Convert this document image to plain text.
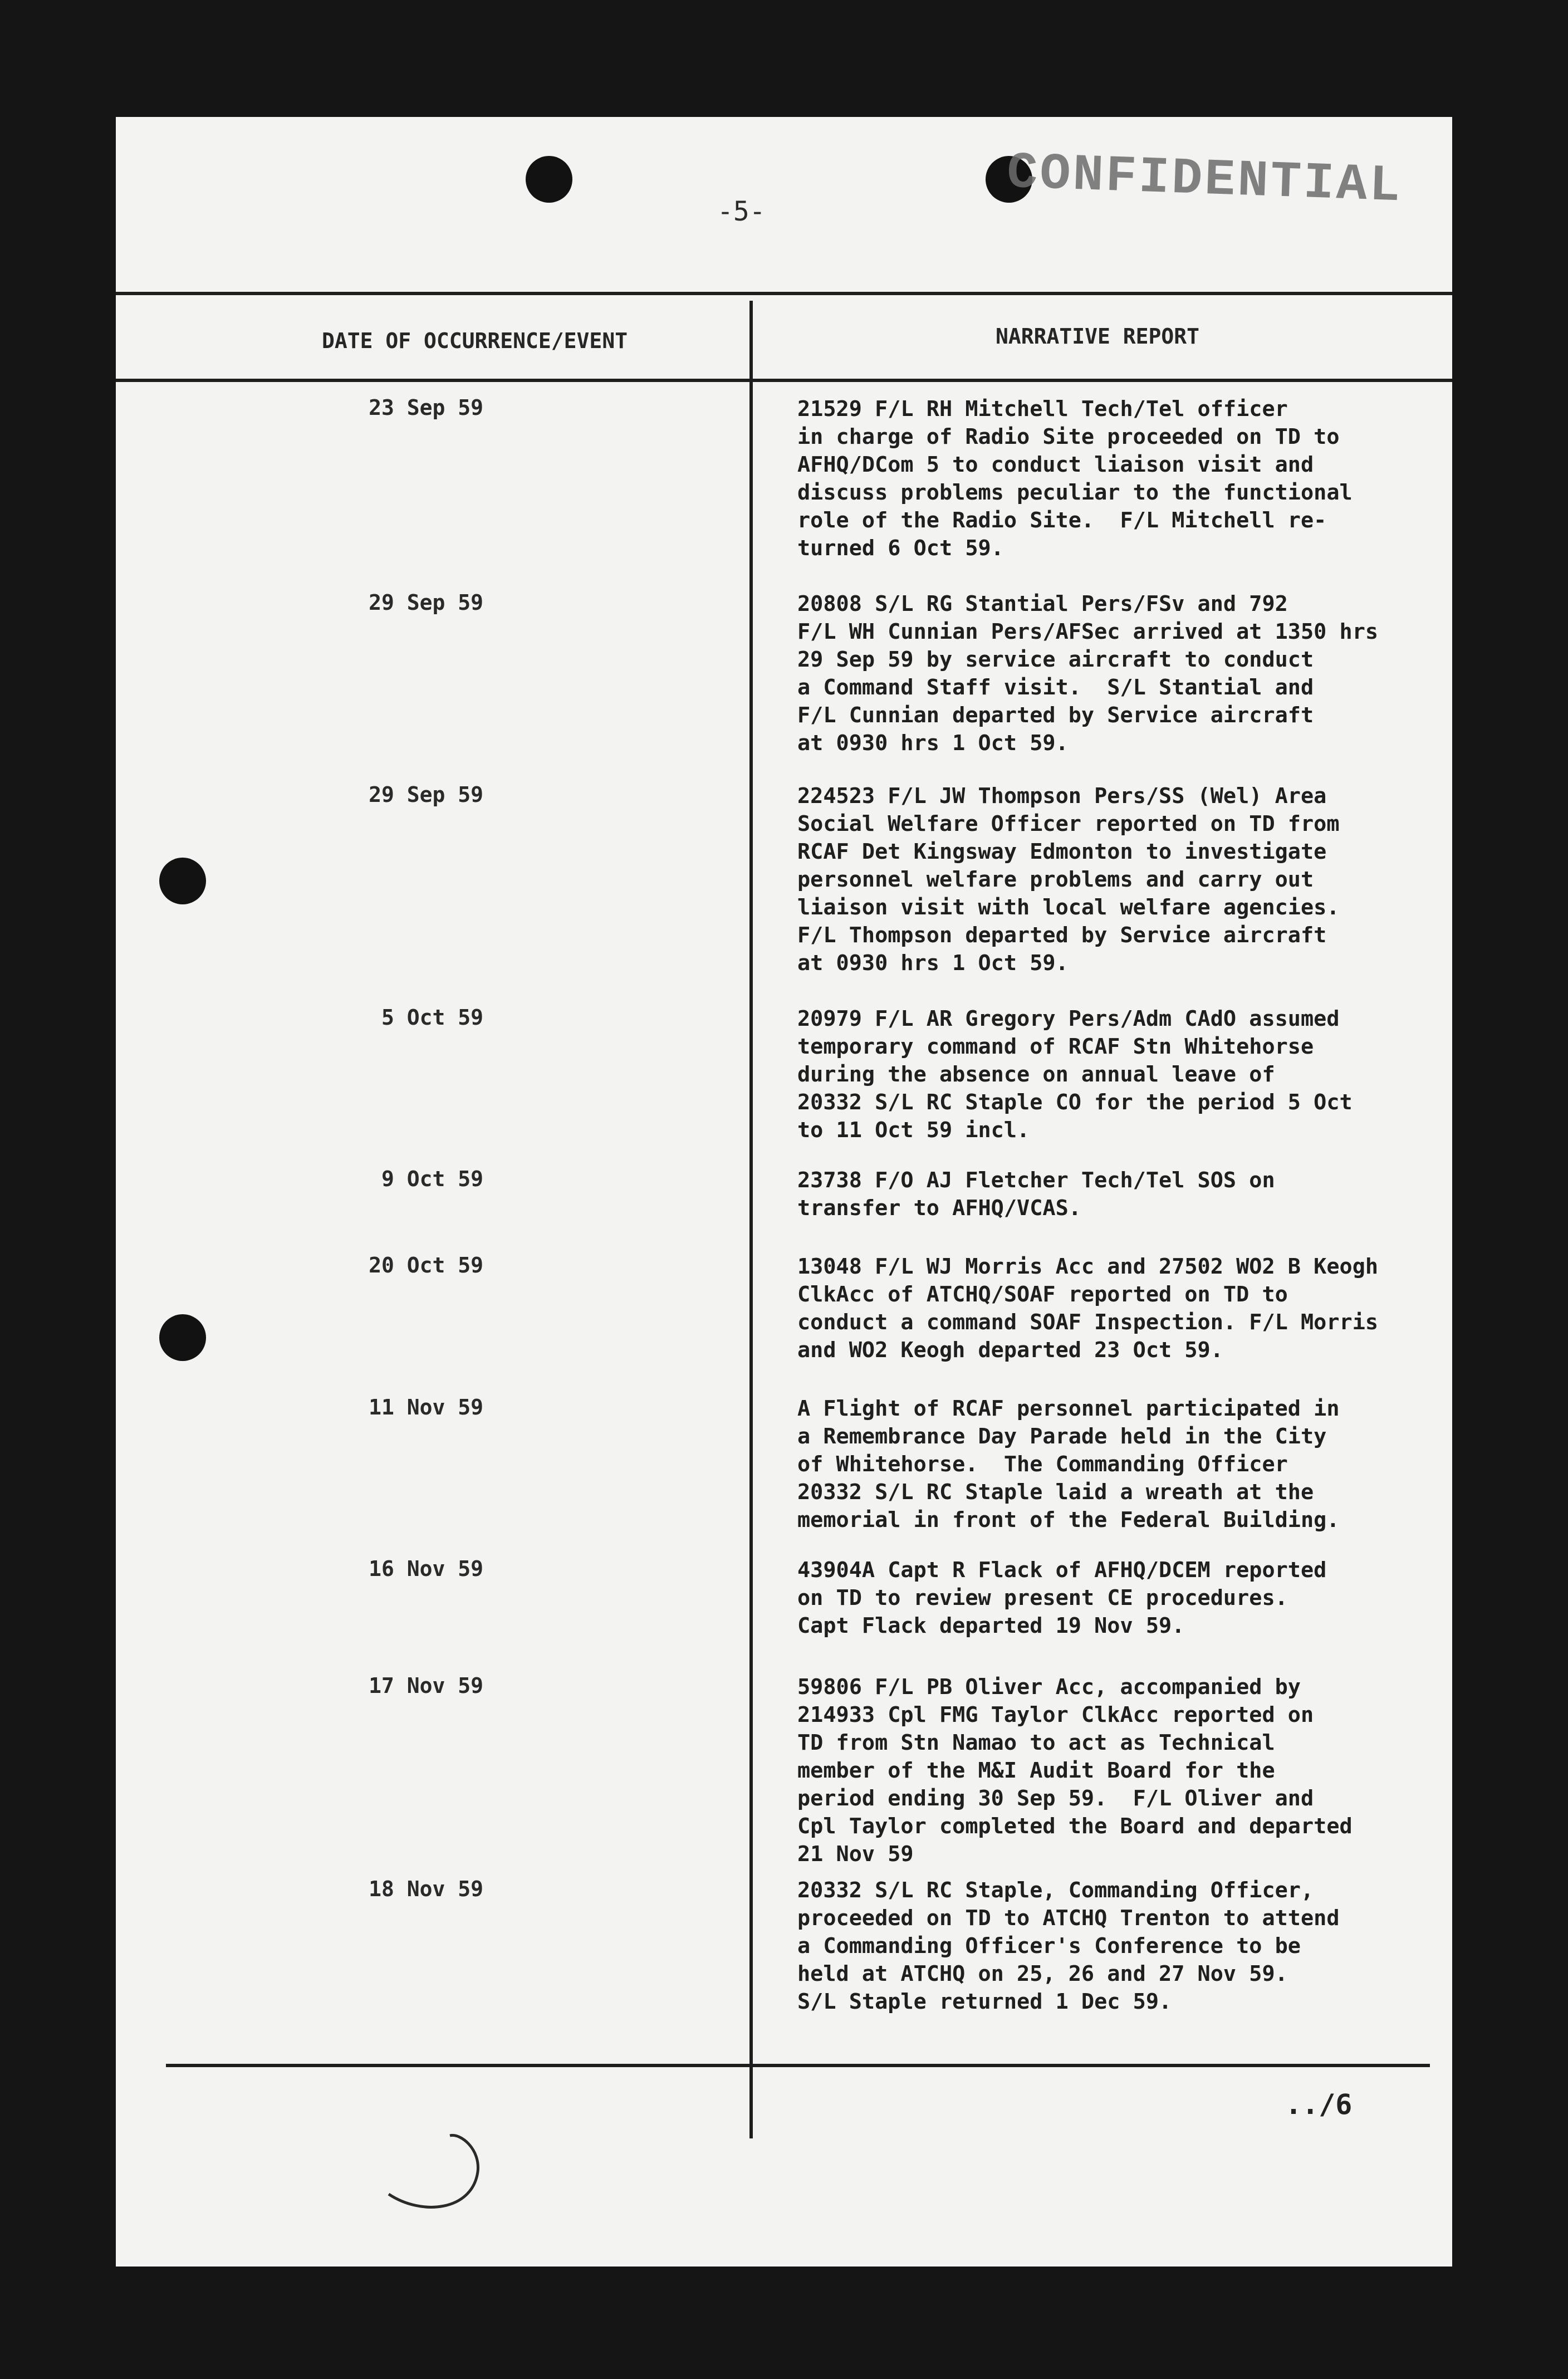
-5-	CONFIDENTIAL
DATE OF OCCURRENCE/EVENT	NARRATIVE REPORT
23 Sep 59	21529 F/L RH Mitchell Tech/Tel officer
in charge of Radio Site proceeded on TD to
AFHQ/DCom 5 to conduct liaison visit and
discuss problems peculiar to the functional
role of the Radio Site.  F/L Mitchell re-
turned 6 Oct 59.
29 Sep 59	20808 S/L RG Stantial Pers/FSv and 792
F/L WH Cunnian Pers/AFSec arrived at 1350 hrs
29 Sep 59 by service aircraft to conduct
a Command Staff visit.  S/L Stantial and
F/L Cunnian departed by Service aircraft
at 0930 hrs 1 Oct 59.
29 Sep 59	224523 F/L JW Thompson Pers/SS (Wel) Area
Social Welfare Officer reported on TD from
RCAF Det Kingsway Edmonton to investigate
personnel welfare problems and carry out
liaison visit with local welfare agencies.
F/L Thompson departed by Service aircraft
at 0930 hrs 1 Oct 59.
5 Oct 59	20979 F/L AR Gregory Pers/Adm CAdO assumed
temporary command of RCAF Stn Whitehorse
during the absence on annual leave of
20332 S/L RC Staple CO for the period 5 Oct
to 11 Oct 59 incl.
9 Oct 59	23738 F/O AJ Fletcher Tech/Tel SOS on
transfer to AFHQ/VCAS.
20 Oct 59	13048 F/L WJ Morris Acc and 27502 WO2 B Keogh
ClkAcc of ATCHQ/SOAF reported on TD to
conduct a command SOAF Inspection. F/L Morris
and WO2 Keogh departed 23 Oct 59.
11 Nov 59	A Flight of RCAF personnel participated in
a Remembrance Day Parade held in the City
of Whitehorse.  The Commanding Officer
20332 S/L RC Staple laid a wreath at the
memorial in front of the Federal Building.
16 Nov 59	43904A Capt R Flack of AFHQ/DCEM reported
on TD to review present CE procedures.
Capt Flack departed 19 Nov 59.
17 Nov 59	59806 F/L PB Oliver Acc, accompanied by
214933 Cpl FMG Taylor ClkAcc reported on
TD from Stn Namao to act as Technical
member of the M&I Audit Board for the
period ending 30 Sep 59.  F/L Oliver and
Cpl Taylor completed the Board and departed
21 Nov 59
18 Nov 59	20332 S/L RC Staple, Commanding Officer,
proceeded on TD to ATCHQ Trenton to attend
a Commanding Officer's Conference to be
held at ATCHQ on 25, 26 and 27 Nov 59.
S/L Staple returned 1 Dec 59.
../6
